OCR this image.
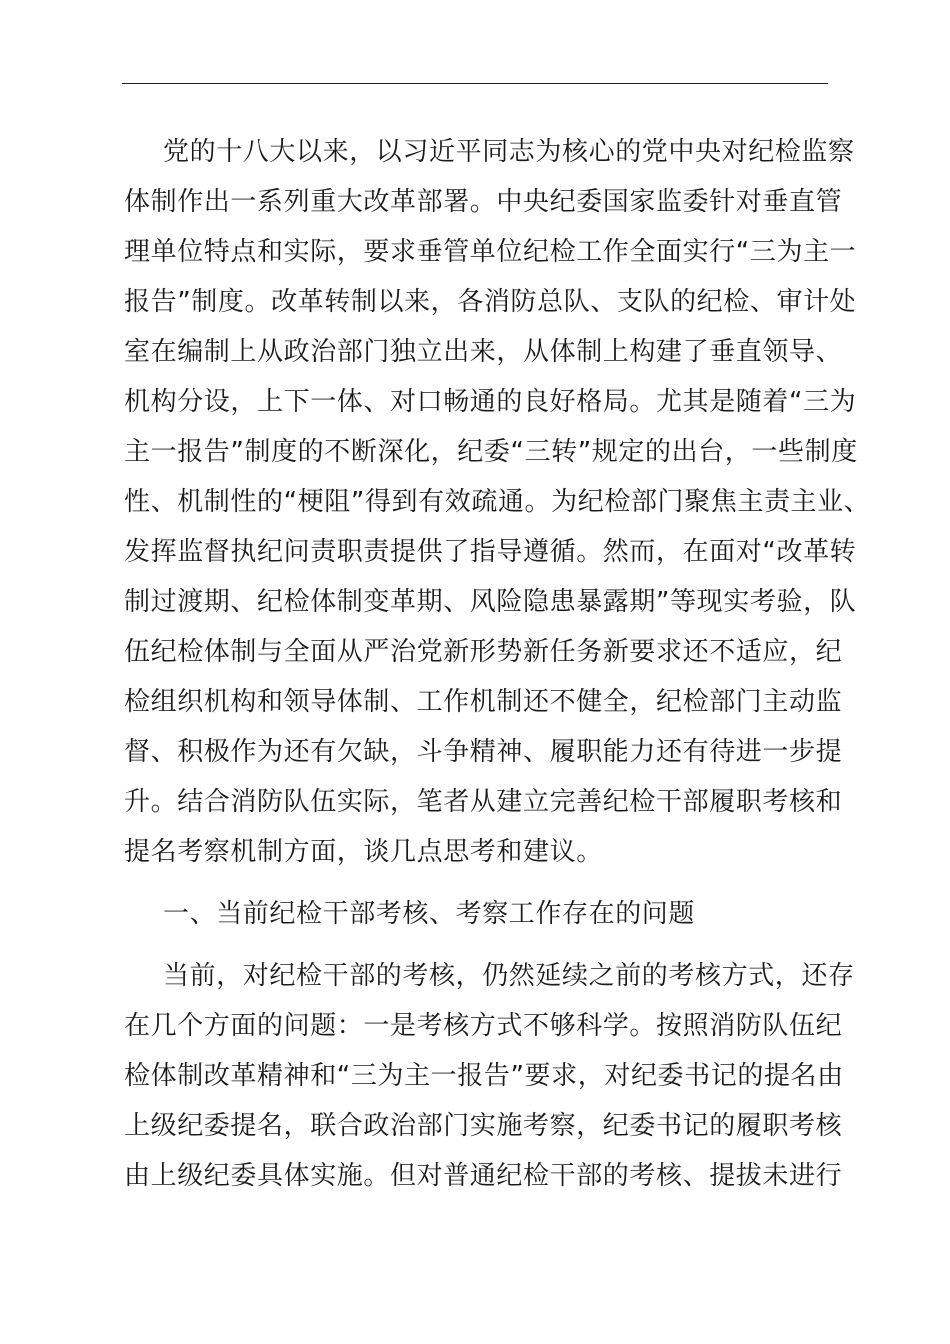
党的十八大以来，以习近平同志为核心的党中央对纪检监察
体制作出一系列重大改革部署。中央纪委国家监委针对垂直管
理单位特点和实际，要求垂管单位纪检工作全面实行“三为主一
报告”制度。改革转制以来，各消防总队、支队的纪检、审计处
室在编制上从政治部门独立出来，从体制上构建了垂直领导、
机构分设，上下一体、对口畅通的良好格局。尤其是随着“三为
主一报告”制度的不断深化，纪委“三转”规定的出台，一些制度
性、机制性的“梗阻”得到有效疏通。为纪检部门聚焦主责主业、
发挥监督执纪问责职责提供了指导遵循。然而，在面对“改革转
制过渡期、纪检体制变革期、风险隐患暴露期”等现实考验，队
伍纪检体制与全面从严治党新形势新任务新要求还不适应，纪
检组织机构和领导体制、工作机制还不健全，纪检部门主动监
督、积极作为还有欠缺，斗争精神、履职能力还有待进一步提
升。结合消防队伍实际，笔者从建立完善纪检干部履职考核和
提名考察机制方面，谈几点思考和建议。
一、当前纪检干部考核、考察工作存在的问题
当前，对纪检干部的考核，仍然延续之前的考核方式，还存
在几个方面的问题：一是考核方式不够科学。按照消防队伍纪
检体制改革精神和“三为主一报告”要求，对纪委书记的提名由
上级纪委提名，联合政治部门实施考察，纪委书记的履职考核
由上级纪委具体实施。但对普通纪检干部的考核、提拔未进行
